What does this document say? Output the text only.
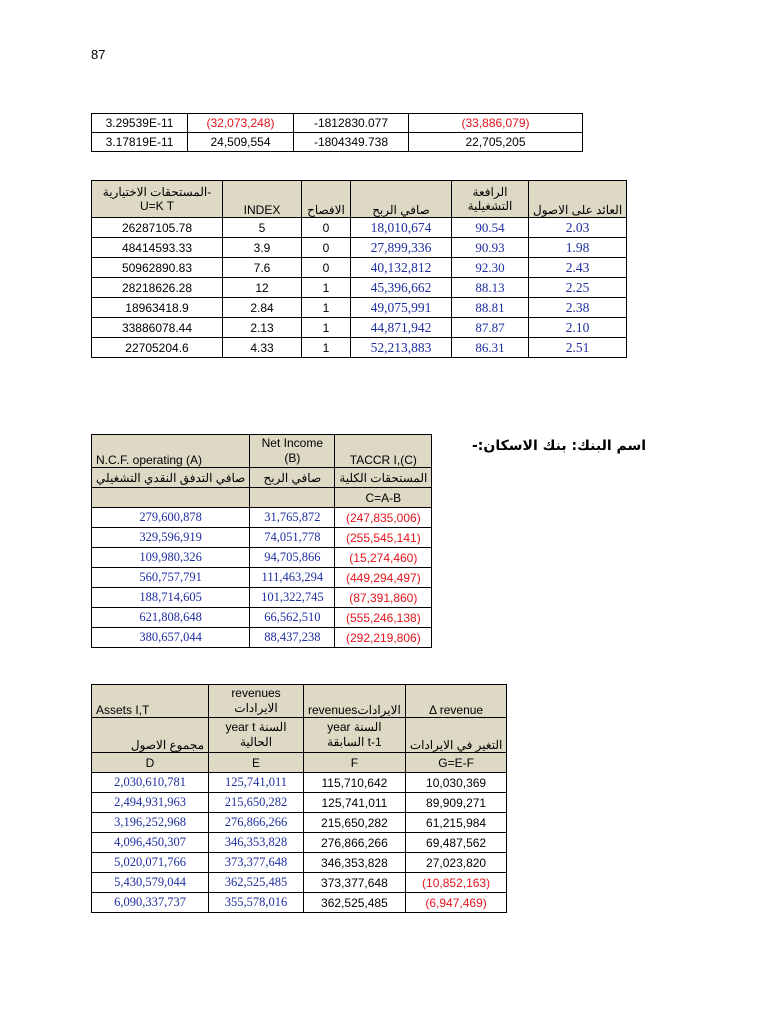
87
3.29539E-11	(32,073,248)	-1812830.077	(33,886,079)
3.17819E-11	24,509,554	-1804349.738	22,705,205
المستحقات الاختيارية-U=K T	INDEX	الافصاح	صافي الربح	الرافعة التشغيلية	العائد على الاصول
26287105.78	5	0	18,010,674	90.54	2.03
48414593.33	3.9	0	27,899,336	90.93	1.98
50962890.83	7.6	0	40,132,812	92.30	2.43
28218626.28	12	1	45,396,662	88.13	2.25
18963418.9	2.84	1	49,075,991	88.81	2.38
33886078.44	2.13	1	44,871,942	87.87	2.10
22705204.6	4.33	1	52,213,883	86.31	2.51
اسم البنك: بنك الاسكان:-
N.C.F. operating (A)	Net Income (B)	TACCR I,(C)
صافي التدفق النقدي التشغيلي	صافي الربح	المستحقات الكلية
		C=A-B
279,600,878	31,765,872	(247,835,006)
329,596,919	74,051,778	(255,545,141)
109,980,326	94,705,866	(15,274,460)
560,757,791	111,463,294	(449,294,497)
188,714,605	101,322,745	(87,391,860)
621,808,648	66,562,510	(555,246,138)
380,657,044	88,437,238	(292,219,806)
Assets I,T	revenues الايرادات	revenuesالايرادات	Δ revenue
مجموع الاصول	year t السنة الحالية	year السنة السابقة t-1	التغير في الايرادات
D	E	F	G=E-F
2,030,610,781	125,741,011	115,710,642	10,030,369
2,494,931,963	215,650,282	125,741,011	89,909,271
3,196,252,968	276,866,266	215,650,282	61,215,984
4,096,450,307	346,353,828	276,866,266	69,487,562
5,020,071,766	373,377,648	346,353,828	27,023,820
5,430,579,044	362,525,485	373,377,648	(10,852,163)
6,090,337,737	355,578,016	362,525,485	(6,947,469)
